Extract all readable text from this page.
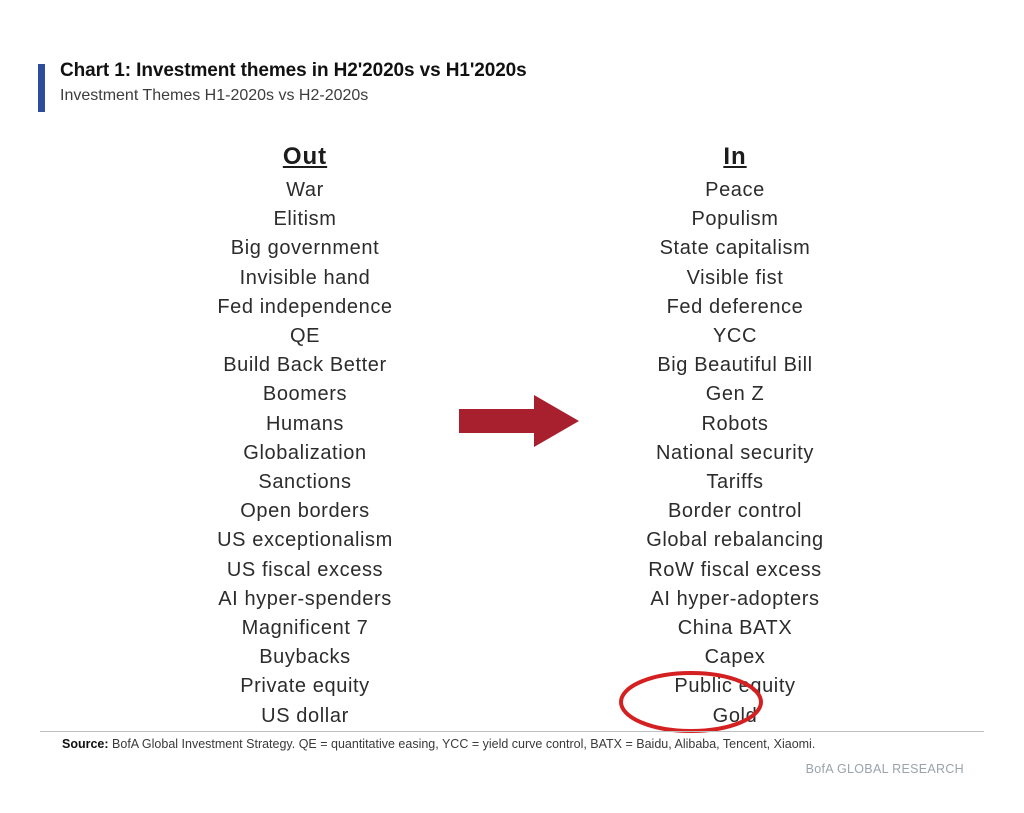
Chart 1: Investment themes in H2'2020s vs H1'2020s
Investment Themes H1-2020s vs H2-2020s
Out
War
Elitism
Big government
Invisible hand
Fed independence
QE
Build Back Better
Boomers
Humans
Globalization
Sanctions
Open borders
US exceptionalism
US fiscal excess
AI hyper-spenders
Magnificent 7
Buybacks
Private equity
US dollar
In
Peace
Populism
State capitalism
Visible fist
Fed deference
YCC
Big Beautiful Bill
Gen Z
Robots
National security
Tariffs
Border control
Global rebalancing
RoW fiscal excess
AI hyper-adopters
China BATX
Capex
Public equity
Gold
Source: BofA Global Investment Strategy. QE = quantitative easing, YCC = yield curve control, BATX = Baidu, Alibaba, Tencent, Xiaomi.
BofA GLOBAL RESEARCH
